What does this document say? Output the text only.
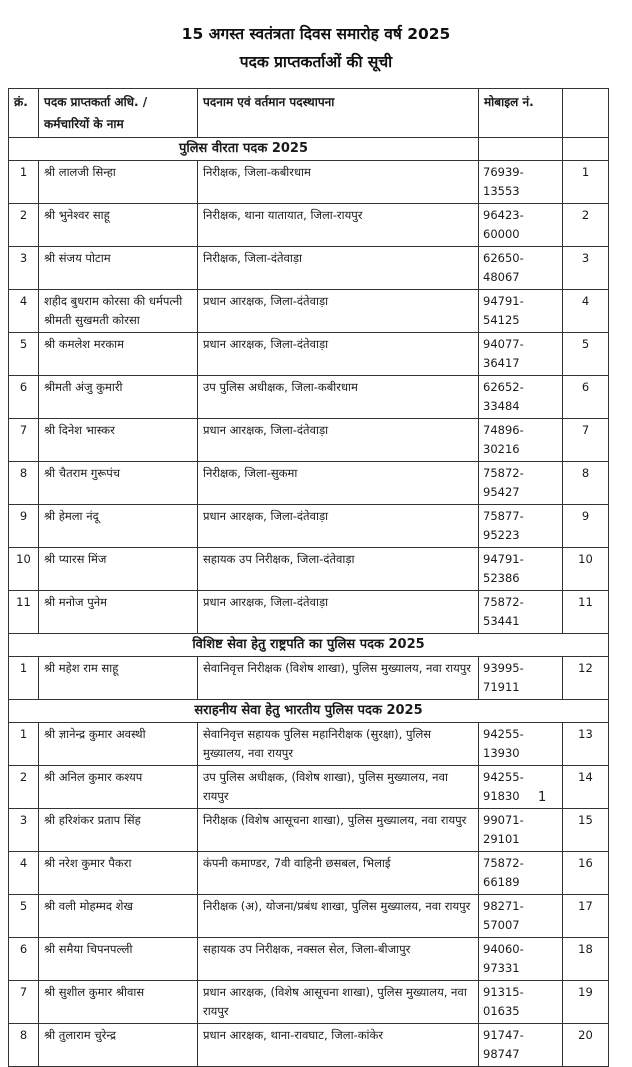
15 अगस्त स्वतंत्रता दिवस समारोह वर्ष 2025
पदक प्राप्तकर्ताओं की सूची
क्रं.	पदक प्राप्तकर्ता अधि. /कर्मचारियों के नाम	पदनाम एवं वर्तमान पदस्थापना	मोबाइल नं.	
पुलिस वीरता पदक 2025				
1	श्री लालजी सिन्हा	निरीक्षक, जिला-कबीरधाम	76939-13553	1
2	श्री भुनेश्वर साहू	निरीक्षक, थाना यातायात, जिला-रायपुर	96423-60000	2
3	श्री संजय पोटाम	निरीक्षक, जिला-दंतेवाड़ा	62650-48067	3
4	शहीद बुधराम कोरसा की धर्मपत्नी श्रीमती सुखमती कोरसा	प्रधान आरक्षक, जिला-दंतेवाड़ा	94791-54125	4
5	श्री कमलेश मरकाम	प्रधान आरक्षक, जिला-दंतेवाड़ा	94077-36417	5
6	श्रीमती अंजु कुमारी	उप पुलिस अधीक्षक, जिला-कबीरधाम	62652-33484	6
7	श्री दिनेश भास्कर	प्रधान आरक्षक, जिला-दंतेवाड़ा	74896-30216	7
8	श्री चैतराम गुरूपंच	निरीक्षक, जिला-सुकमा	75872-95427	8
9	श्री हेमला नंदू	प्रधान आरक्षक, जिला-दंतेवाड़ा	75877-95223	9
10	श्री प्यारस मिंज	सहायक उप निरीक्षक, जिला-दंतेवाड़ा	94791-52386	10
11	श्री मनोज पुनेम	प्रधान आरक्षक, जिला-दंतेवाड़ा	75872-53441	11
विशिष्ट सेवा हेतु राष्ट्रपति का पुलिस पदक 2025				
1	श्री महेश राम साहू	सेवानिवृत्त निरीक्षक (विशेष शाखा), पुलिस मुख्यालय, नवा रायपुर	93995-71911	12
सराहनीय सेवा हेतु भारतीय पुलिस पदक 2025				
1	श्री ज्ञानेन्द्र कुमार अवस्थी	सेवानिवृत्त सहायक पुलिस महानिरीक्षक (सुरक्षा), पुलिस मुख्यालय, नवा रायपुर	94255-13930	13
2	श्री अनिल कुमार कश्यप	उप पुलिस अधीक्षक, (विशेष शाखा), पुलिस मुख्यालय, नवा रायपुर	94255-91830	14
3	श्री हरिशंकर प्रताप सिंह	निरीक्षक (विशेष आसूचना शाखा), पुलिस मुख्यालय, नवा रायपुर	99071-29101	15
4	श्री नरेश कुमार पैकरा	कंपनी कमाण्डर, 7वी वाहिनी छसबल, भिलाई	75872-66189	16
5	श्री वली मोहम्मद शेख	निरीक्षक (अ), योजना/प्रबंध शाखा, पुलिस मुख्यालय, नवा रायपुर	98271-57007	17
6	श्री समैया चिपनपल्ली	सहायक उप निरीक्षक, नक्सल सेल, जिला-बीजापुर	94060-97331	18
7	श्री सुशील कुमार श्रीवास	प्रधान आरक्षक, (विशेष आसूचना शाखा), पुलिस मुख्यालय, नवा रायपुर	91315-01635	19
8	श्री तुलाराम चुरेन्द्र	प्रधान आरक्षक, थाना-रावघाट, जिला-कांकेर	91747-98747	20
1
